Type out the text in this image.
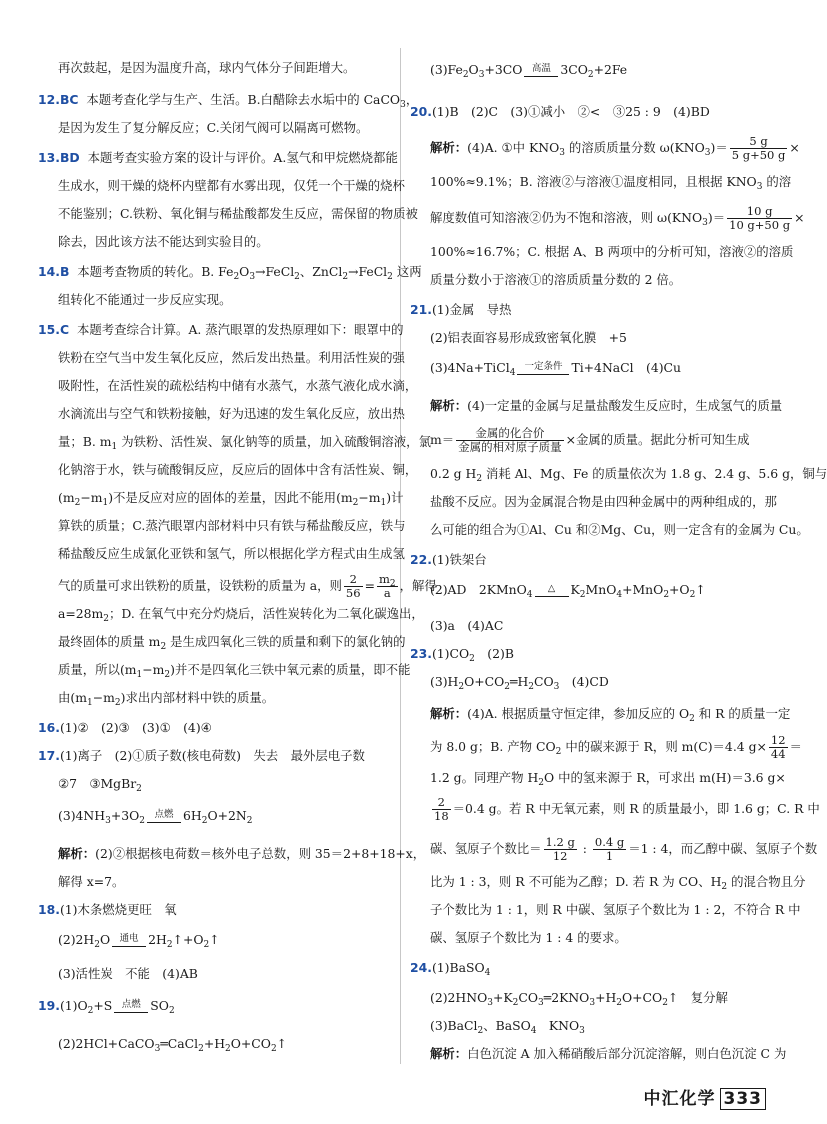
再次鼓起，是因为温度升高，球内气体分子间距增大。
12.BC 本题考查化学与生产、生活。B.白醋除去水垢中的 CaCO$_3$，
是因为发生了复分解反应；C.关闭气阀可以隔离可燃物。
13.BD 本题考查实验方案的设计与评价。A.氢气和甲烷燃烧都能
生成水，则干燥的烧杯内壁都有水雾出现，仅凭一个干燥的烧杯
不能鉴别；C.铁粉、氧化铜与稀盐酸都发生反应，需保留的物质被
除去，因此该方法不能达到实验目的。
14.B 本题考查物质的转化。B. $Fe_2O_3\to FeCl_2$、ZnCl$_2$→FeCl$_2$ 这两
组转化不能通过一步反应实现。
15.C 本题考查综合计算。A. 蒸汽眼罩的发热原理如下：眼罩中的
铁粉在空气当中发生氧化反应，然后发出热量。利用活性炭的强
吸附性，在活性炭的疏松结构中储有水蒸气，水蒸气液化成水滴，
水滴流出与空气和铁粉接触，好为迅速的发生氧化反应，放出热
量；B. $m_1$ 为铁粉、活性炭、氯化钠等的质量，加入硫酸铜溶液，氯
化钠溶于水，铁与硫酸铜反应，反应后的固体中含有活性炭、铜，
$(m_2-m_1)$不是反应对应的固体的差量，因此不能用$(m_2-m_1)$计
算铁的质量；C.蒸汽眼罩内部材料中只有铁与稀盐酸反应，铁与
稀盐酸反应生成氯化亚铁和氢气，所以根据化学方程式由生成氢
气的质量可求出铁粉的质量，设铁粉的质量为 a，则 $\frac{2}{56} = \frac{m_2}{a}$ ，解得
$a=28m_2$；D. 在氧气中充分灼烧后，活性炭转化为二氧化碳逸出，
最终固体的质量 $m_2$ 是生成四氧化三铁的质量和剩下的氯化钠的
质量，所以$(m_1-m_2)$并不是四氧化三铁中氧元素的质量，即不能
由$(m_1-m_2)$求出内部材料中铁的质量。
16.(1)②　(2)③　(3)①　(4)④
17.(1)离子　(2)①质子数(核电荷数)　失去　最外层电子数
②7　③MgBr$_2$
$(3)4NH_3+3O_2$
点燃 $6H_2O+2N_2$
解析：(2)②根据核电荷数＝核外电子总数，则 35＝2+8+18+x，
解得 x=7。
18.(1)木条燃烧更旺　氧
$(2)2H_2O$ 通电 $2H_2↑+O_2↑$
(3)活性炭　不能　(4)AB
$19.(1)O_2+S$ 点燃 $SO_2$
$(2)2HCl+CaCO_3═CaCl_2+H_2O+CO_2↑$
$(3)Fe_2O_3+3CO$ 高温 $3CO_2+2Fe$
20.(1)B　(2)C　(3)①减小　②<　③25 : 9　(4)BD
解析：(4)A. ①中 $KNO_3$ 的溶质质量分数 $\omega(KNO_3)= \frac{5 g}{5 g+50 g}$ ×
100%≈9.1%；B. 溶液②与溶液①温度相同，且根据 $KNO_3$ 的溶
解度数值可知溶液②仍为不饱和溶液，则 $\omega(KNO_3)= \frac{10 g}{10 g+50 g}$ ×
100%≈16.7%；C. 根据 A、B 两项中的分析可知，溶液②的溶质
质量分数小于溶液①的溶质质量分数的 2 倍。
21.(1)金属　导热
(2)铝表面容易形成致密氧化膜　+5
(3)4Na+TiCl$_4$
一定条件 Ti+4NaCl　(4)Cu
解析：(4)一定量的金属与足量盐酸发生反应时，生成氢气的质量
$m= \frac{\text{金属的化合价}}{\text{金属的相对原子质量}}$ ×金属的质量。据此分析可知生成
0.2 g $H_2$ 消耗 Al、Mg、Fe 的质量依次为 1.8 g、2.4 g、5.6 g，铜与
盐酸不反应。因为金属混合物是由四种金属中的两种组成的，那
么可能的组合为①Al、Cu 和②Mg、Cu，则一定含有的金属为 Cu。
22.(1)铁架台
(2)AD　2KMnO$_4$
△	$K_2MnO_4+MnO_2+O_2↑$
(3)a　(4)AC
$23.(1)CO_2$　(2)B
$(3)H_2O+CO_2═H_2CO_3$　(4)CD
解析：(4)A. 根据质量守恒定律，参加反应的 $O_2$ 和 R 的质量一定
为 8.0 g；B. 产物 $CO_2$ 中的碳来源于 R，则 m(C)＝4.4 $g\times \frac{12}{44}$ ＝
1.2 g。同理产物 $H_2O$ 中的氢来源于 R，可求出 m(H)＝3.6 g×
$\frac{2}{18} =0.4$ g。若 R 中无氧元素，则 R 的质量最小，即 1.6 g；C. R 中
碳、氢原子个数比＝ $\frac{1.2 g}{12}$ : $\frac{0.4 g}{1} =1$ : 4，而乙醇中碳、氢原子个数
比为 1 : 3，则 R 不可能为乙醇；D. 若 R 为 CO、$H_2$ 的混合物且分
子个数比为 1 : 1，则 R 中碳、氢原子个数比为 1 : 2，不符合 R 中
碳、氢原子个数比为 1 : 4 的要求。
24.(1)BaSO$_4$
$(2)2HNO_3+K_2CO_3═2KNO_3+H_2O+CO_2↑$　复分解
(3)BaCl$_2$、BaSO$_4$　 $KNO_3$
解析：白色沉淀 A 加入稀硝酸后部分沉淀溶解，则白色沉淀 C 为
中汇化学 333
